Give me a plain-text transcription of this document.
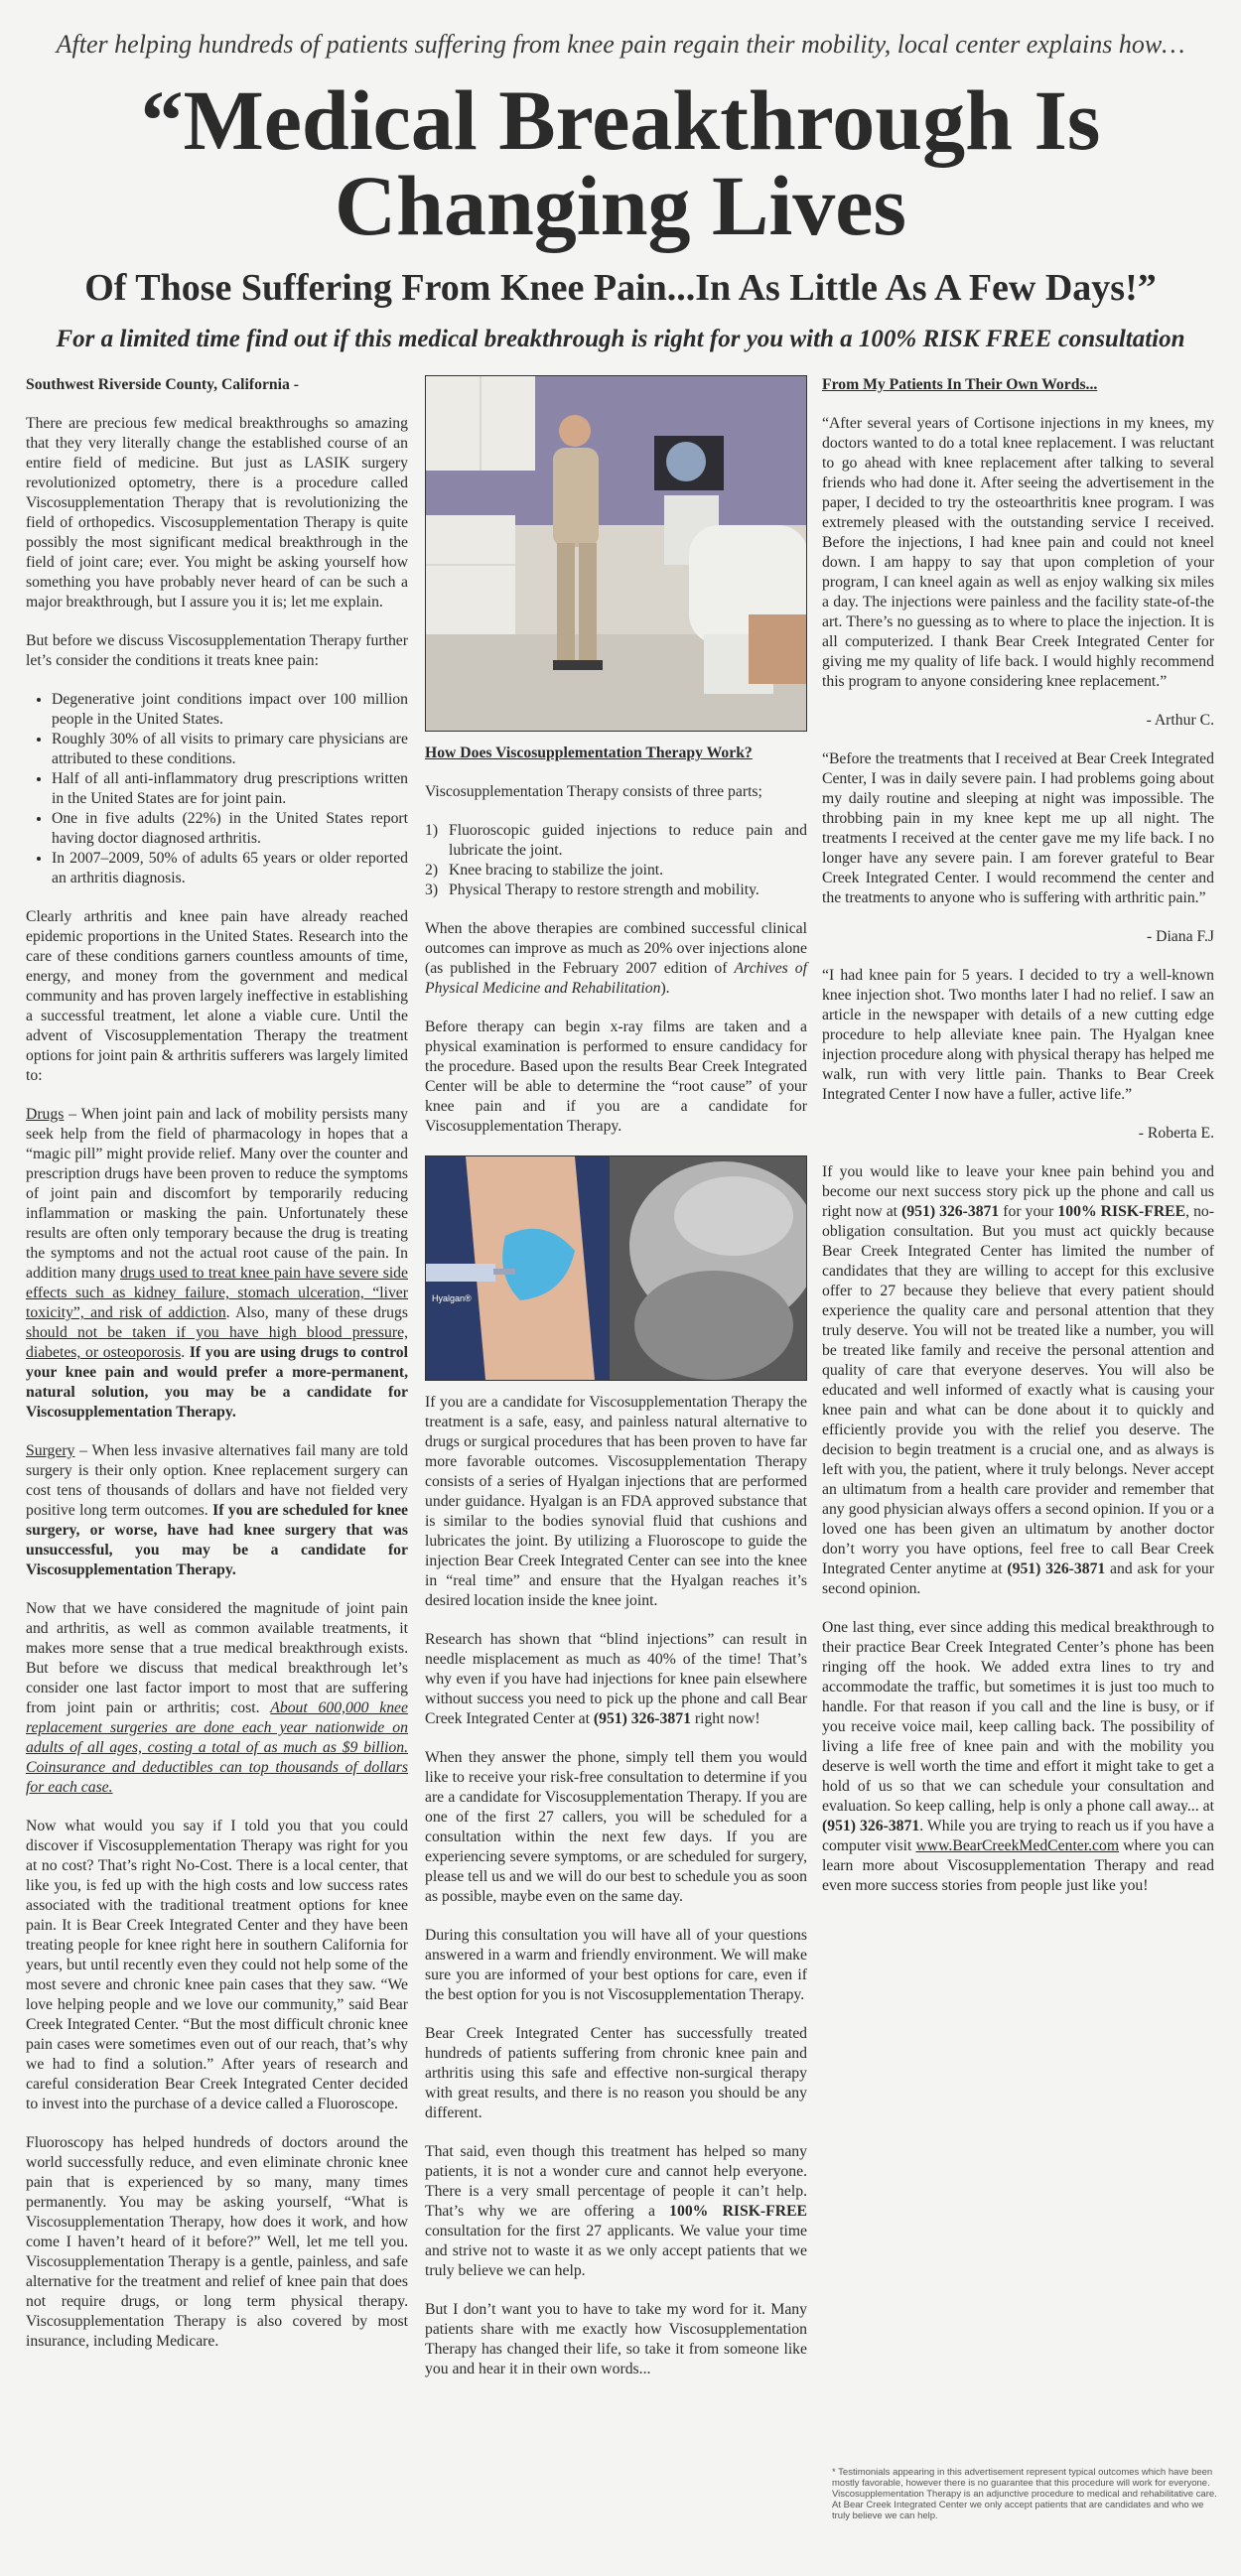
After helping hundreds of patients suffering from knee pain regain their mobility, local center explains how…
“Medical Breakthrough Is
Changing Lives
Of Those Suffering From Knee Pain...In As Little As A Few Days!”
For a limited time find out if this medical breakthrough is right for you with a 100% RISK FREE consultation

Southwest Riverside County, California -

There are precious few medical breakthroughs so amazing that they very literally change the established course of an entire field of medicine. But just as LASIK surgery revolutionized optometry, there is a procedure called Viscosupplementation Therapy that is revolutionizing the field of orthopedics. Viscosupplementation Therapy is quite possibly the most significant medical breakthrough in the field of joint care; ever. You might be asking yourself how something you have probably never heard of can be such a major breakthrough, but I assure you it is; let me explain.

But before we discuss Viscosupplementation Therapy further let’s consider the conditions it treats knee pain:

• Degenerative joint conditions impact over 100 million people in the United States.
• Roughly 30% of all visits to primary care physicians are attributed to these conditions.
• Half of all anti-inflammatory drug prescriptions written in the United States are for joint pain.
• One in five adults (22%) in the United States report having doctor diagnosed arthritis.
• In 2007–2009, 50% of adults 65 years or older reported an arthritis diagnosis.

Clearly arthritis and knee pain have already reached epidemic proportions in the United States. Research into the care of these conditions garners countless amounts of time, energy, and money from the government and medical community and has proven largely ineffective in establishing a successful treatment, let alone a viable cure. Until the advent of Viscosupplementation Therapy the treatment options for joint pain & arthritis sufferers was largely limited to:

Drugs – When joint pain and lack of mobility persists many seek help from the field of pharmacology in hopes that a “magic pill” might provide relief. Many over the counter and prescription drugs have been proven to reduce the symptoms of joint pain and discomfort by temporarily reducing inflammation or masking the pain. Unfortunately these results are often only temporary because the drug is treating the symptoms and not the actual root cause of the pain. In addition many drugs used to treat knee pain have severe side effects such as kidney failure, stomach ulceration, “liver toxicity”, and risk of addiction. Also, many of these drugs should not be taken if you have high blood pressure, diabetes, or osteoporosis. If you are using drugs to control your knee pain and would prefer a more-permanent, natural solution, you may be a candidate for Viscosupplementation Therapy.

Surgery – When less invasive alternatives fail many are told surgery is their only option. Knee replacement surgery can cost tens of thousands of dollars and have not fielded very positive long term outcomes. If you are scheduled for knee surgery, or worse, have had knee surgery that was unsuccessful, you may be a candidate for Viscosupplementation Therapy.

Now that we have considered the magnitude of joint pain and arthritis, as well as common available treatments, it makes more sense that a true medical breakthrough exists. But before we discuss that medical breakthrough let’s consider one last factor import to most that are suffering from joint pain or arthritis; cost. About 600,000 knee replacement surgeries are done each year nationwide on adults of all ages, costing a total of as much as $9 billion. Coinsurance and deductibles can top thousands of dollars for each case.

Now what would you say if I told you that you could discover if Viscosupplementation Therapy was right for you at no cost? That’s right No-Cost. There is a local center, that like you, is fed up with the high costs and low success rates associated with the traditional treatment options for knee pain. It is Bear Creek Integrated Center and they have been treating people for knee right here in southern California for years, but until recently even they could not help some of the most severe and chronic knee pain cases that they saw. “We love helping people and we love our community,” said Bear Creek Integrated Center. “But the most difficult chronic knee pain cases were sometimes even out of our reach, that’s why we had to find a solution.” After years of research and careful consideration Bear Creek Integrated Center decided to invest into the purchase of a device called a Fluoroscope.

Fluoroscopy has helped hundreds of doctors around the world successfully reduce, and even eliminate chronic knee pain that is experienced by so many, many times permanently. You may be asking yourself, “What is Viscosupplementation Therapy, how does it work, and how come I haven’t heard of it before?” Well, let me tell you. Viscosupplementation Therapy is a gentle, painless, and safe alternative for the treatment and relief of knee pain that does not require drugs, or long term physical therapy. Viscosupplementation Therapy is also covered by most insurance, including Medicare.

How Does Viscosupplementation Therapy Work?

Viscosupplementation Therapy consists of three parts;

1) Fluoroscopic guided injections to reduce pain and lubricate the joint.
2) Knee bracing to stabilize the joint.
3) Physical Therapy to restore strength and mobility.

When the above therapies are combined successful clinical outcomes can improve as much as 20% over injections alone (as published in the February 2007 edition of Archives of Physical Medicine and Rehabilitation).

Before therapy can begin x-ray films are taken and a physical examination is performed to ensure candidacy for the procedure. Based upon the results Bear Creek Integrated Center will be able to determine the “root cause” of your knee pain and if you are a candidate for Viscosupplementation Therapy.

Hyalgan®

If you are a candidate for Viscosupplementation Therapy the treatment is a safe, easy, and painless natural alternative to drugs or surgical procedures that has been proven to have far more favorable outcomes. Viscosupplementation Therapy consists of a series of Hyalgan injections that are performed under guidance. Hyalgan is an FDA approved substance that is similar to the bodies synovial fluid that cushions and lubricates the joint. By utilizing a Fluoroscope to guide the injection Bear Creek Integrated Center can see into the knee in “real time” and ensure that the Hyalgan reaches it’s desired location inside the knee joint.

Research has shown that “blind injections” can result in needle misplacement as much as 40% of the time! That’s why even if you have had injections for knee pain elsewhere without success you need to pick up the phone and call Bear Creek Integrated Center at (951) 326-3871 right now!

When they answer the phone, simply tell them you would like to receive your risk-free consultation to determine if you are a candidate for Viscosupplementation Therapy. If you are one of the first 27 callers, you will be scheduled for a consultation within the next few days. If you are experiencing severe symptoms, or are scheduled for surgery, please tell us and we will do our best to schedule you as soon as possible, maybe even on the same day.

During this consultation you will have all of your questions answered in a warm and friendly environment. We will make sure you are informed of your best options for care, even if the best option for you is not Viscosupplementation Therapy.

Bear Creek Integrated Center has successfully treated hundreds of patients suffering from chronic knee pain and arthritis using this safe and effective non-surgical therapy with great results, and there is no reason you should be any different.

That said, even though this treatment has helped so many patients, it is not a wonder cure and cannot help everyone. There is a very small percentage of people it can’t help. That’s why we are offering a 100% RISK-FREE consultation for the first 27 applicants. We value your time and strive not to waste it as we only accept patients that we truly believe we can help.

But I don’t want you to have to take my word for it. Many patients share with me exactly how Viscosupplementation Therapy has changed their life, so take it from someone like you and hear it in their own words...

From My Patients In Their Own Words...

“After several years of Cortisone injections in my knees, my doctors wanted to do a total knee replacement. I was reluctant to go ahead with knee replacement after talking to several friends who had done it. After seeing the advertisement in the paper, I decided to try the osteoarthritis knee program. I was extremely pleased with the outstanding service I received. Before the injections, I had knee pain and could not kneel down. I am happy to say that upon completion of your program, I can kneel again as well as enjoy walking six miles a day. The injections were painless and the facility state-of-the art. There’s no guessing as to where to place the injection. It is all computerized. I thank Bear Creek Integrated Center for giving me my quality of life back. I would highly recommend this program to anyone considering knee replacement.”

- Arthur C.

“Before the treatments that I received at Bear Creek Integrated Center, I was in daily severe pain. I had problems going about my daily routine and sleeping at night was impossible. The throbbing pain in my knee kept me up all night. The treatments I received at the center gave me my life back. I no longer have any severe pain. I am forever grateful to Bear Creek Integrated Center. I would recommend the center and the treatments to anyone who is suffering with arthritic pain.”

- Diana F.J

“I had knee pain for 5 years. I decided to try a well-known knee injection shot. Two months later I had no relief. I saw an article in the newspaper with details of a new cutting edge procedure to help alleviate knee pain. The Hyalgan knee injection procedure along with physical therapy has helped me walk, run with very little pain. Thanks to Bear Creek Integrated Center I now have a fuller, active life.”

- Roberta E.

If you would like to leave your knee pain behind you and become our next success story pick up the phone and call us right now at (951) 326-3871 for your 100% RISK-FREE, no-obligation consultation. But you must act quickly because Bear Creek Integrated Center has limited the number of candidates that they are willing to accept for this exclusive offer to 27 because they believe that every patient should experience the quality care and personal attention that they truly deserve. You will not be treated like a number, you will be treated like family and receive the personal attention and quality of care that everyone deserves. You will also be educated and well informed of exactly what is causing your knee pain and what can be done about it to quickly and efficiently provide you with the relief you deserve. The decision to begin treatment is a crucial one, and as always is left with you, the patient, where it truly belongs. Never accept an ultimatum from a health care provider and remember that any good physician always offers a second opinion. If you or a loved one has been given an ultimatum by another doctor don’t worry you have options, feel free to call Bear Creek Integrated Center anytime at (951) 326-3871 and ask for your second opinion.

One last thing, ever since adding this medical breakthrough to their practice Bear Creek Integrated Center’s phone has been ringing off the hook. We added extra lines to try and accommodate the traffic, but sometimes it is just too much to handle. For that reason if you call and the line is busy, or if you receive voice mail, keep calling back. The possibility of living a life free of knee pain and with the mobility you deserve is well worth the time and effort it might take to get a hold of us so that we can schedule your consultation and evaluation. So keep calling, help is only a phone call away... at (951) 326-3871. While you are trying to reach us if you have a computer visit www.BearCreekMedCenter.com where you can learn more about Viscosupplementation Therapy and read even more success stories from people just like you!

* Testimonials appearing in this advertisement represent typical outcomes which have been mostly favorable, however there is no guarantee that this procedure will work for everyone. Viscosupplementation Therapy is an adjunctive procedure to medical and rehabilitative care. At Bear Creek Integrated Center we only accept patients that are candidates and who we truly believe we can help.
